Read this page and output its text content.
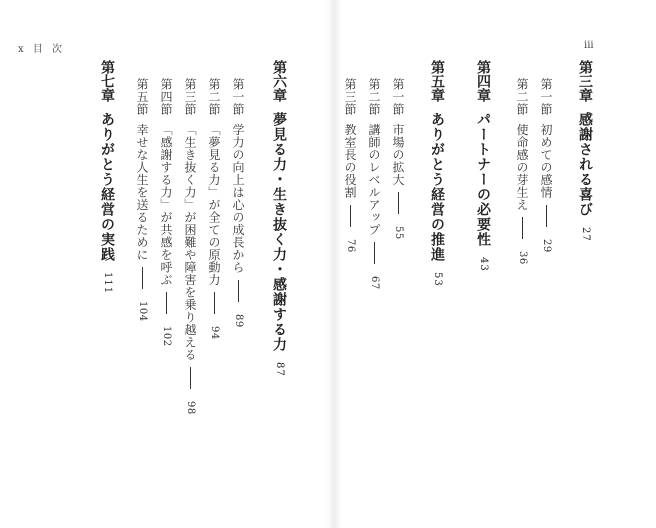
x 目 次	iii
第三章感謝される喜び27
第一節初めての感情29
第二節使命感の芽生え36
第四章パートナーの必要性43
第五章ありがとう経営の推進53
第一節市場の拡大55
第二節講師のレベルアップ67
第三節教室長の役割76
第六章夢見る力・生き抜く力・感謝する力87
第一節学力の向上は心の成長から89
第二節「夢見る力」が全ての原動力94
第三節「生き抜く力」が困難や障害を乗り越える98
第四節「感謝する力」が共感を呼ぶ102
第五節幸せな人生を送るために104
第七章ありがとう経営の実践111
